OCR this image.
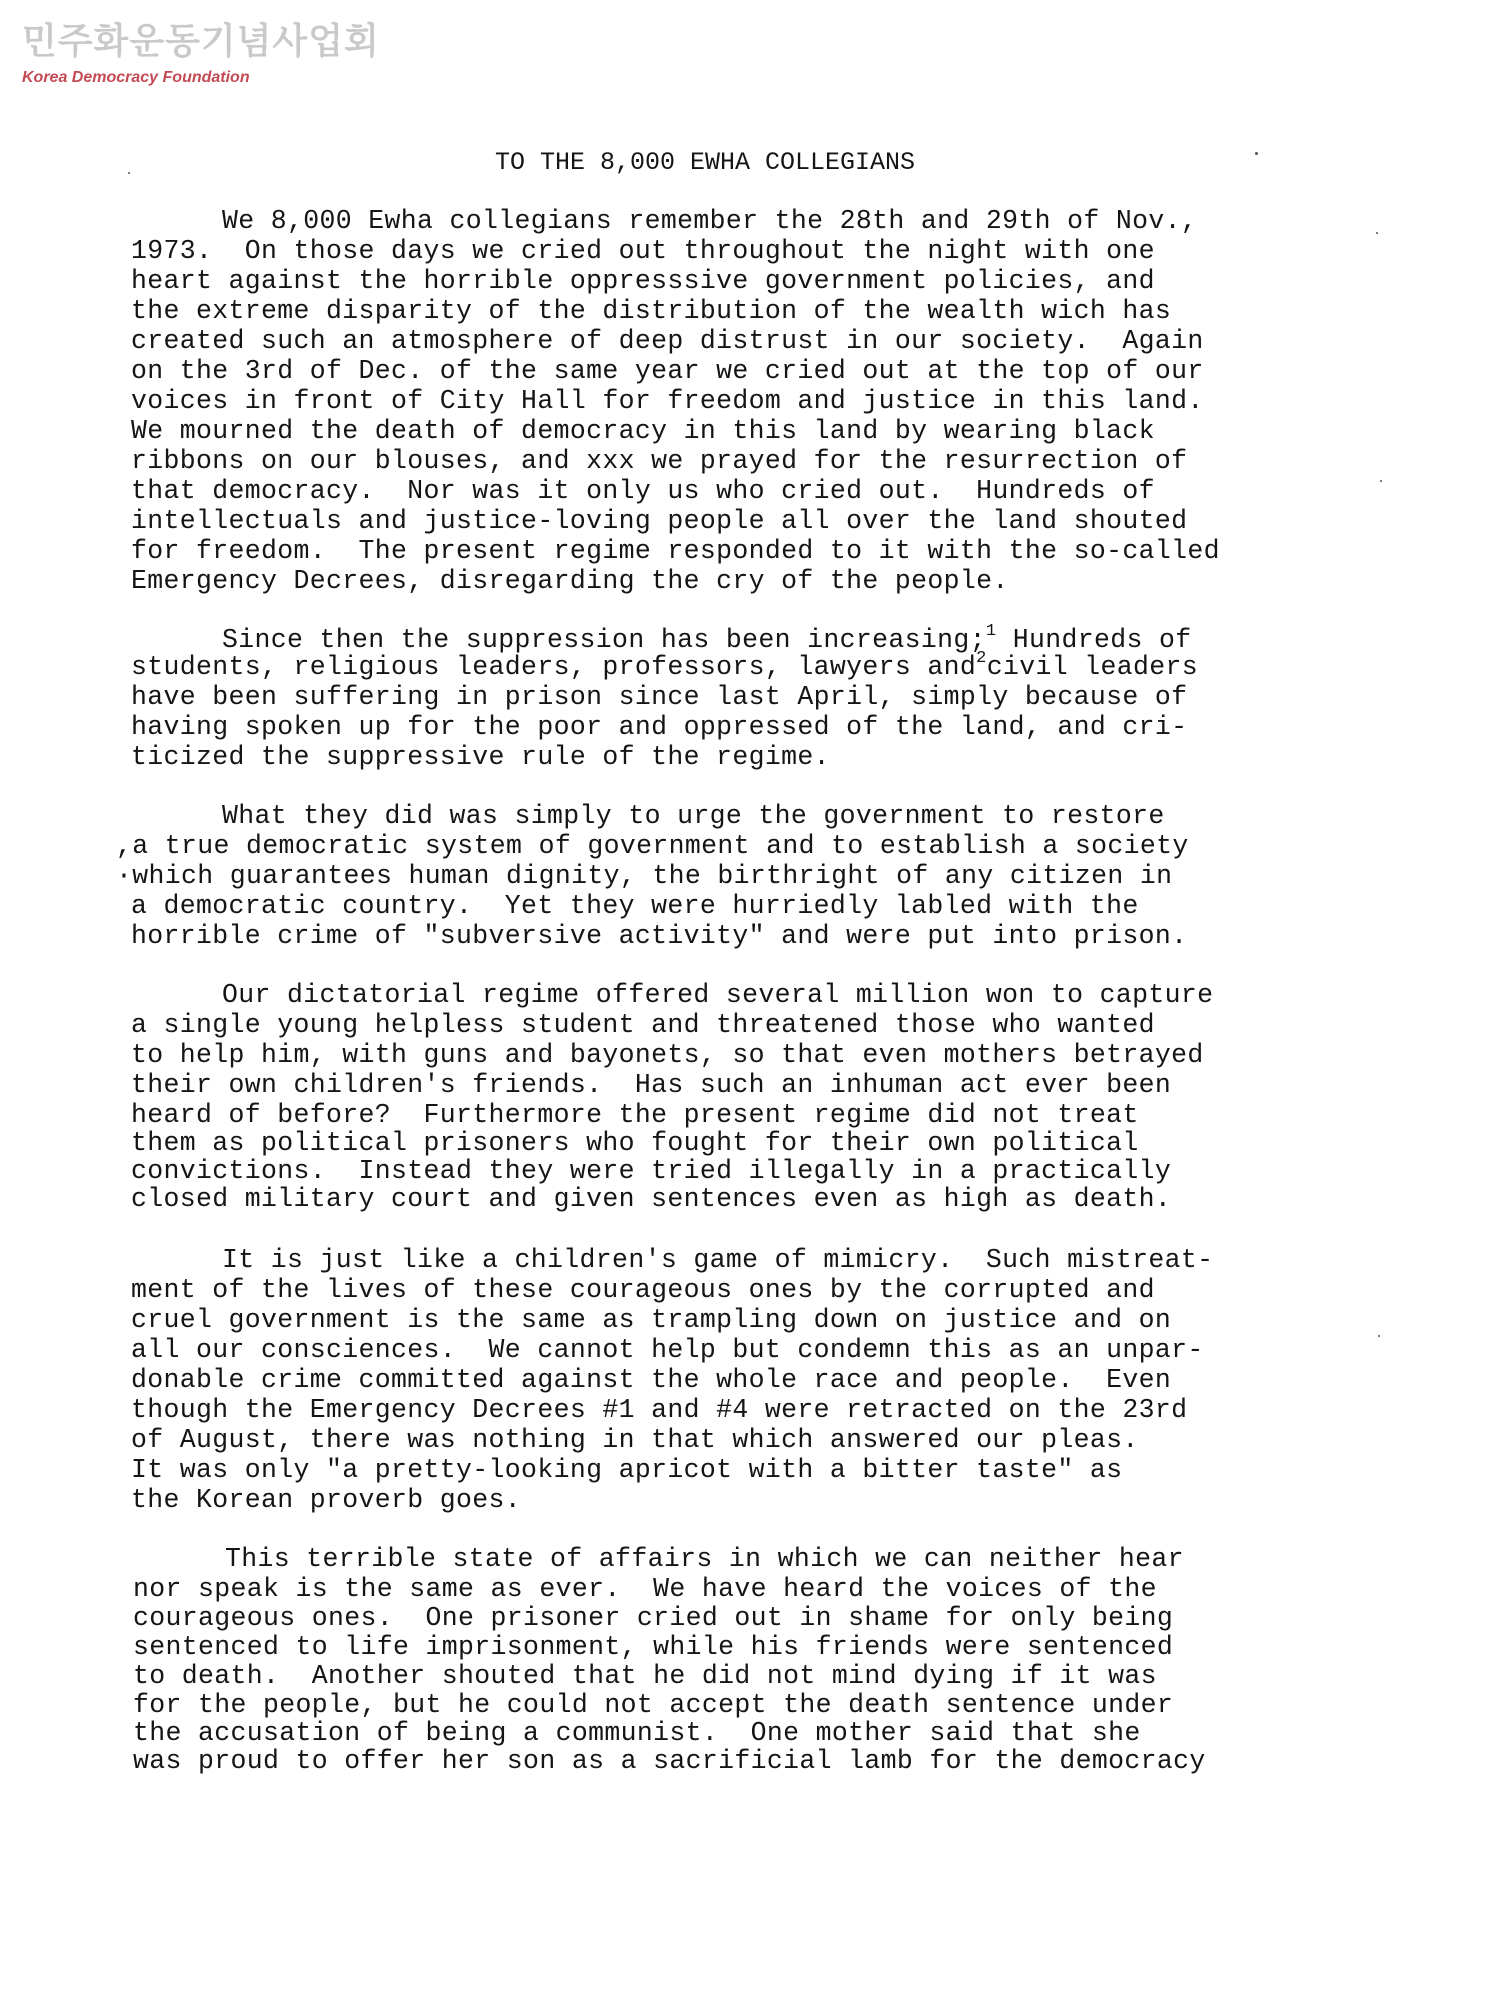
민주화운동기념사업회
Korea Democracy Foundation
TO THE 8,000 EWHA COLLEGIANS
We 8,000 Ewha collegians remember the 28th and 29th of Nov.,
1973.  On those days we cried out throughout the night with one
heart against the horrible oppresssive government policies, and
the extreme disparity of the distribution of the wealth wich has
created such an atmosphere of deep distrust in our society.  Again
on the 3rd of Dec. of the same year we cried out at the top of our
voices in front of City Hall for freedom and justice in this land.
We mourned the death of democracy in this land by wearing black
ribbons on our blouses, and xxx we prayed for the resurrection of
that democracy.  Nor was it only us who cried out.  Hundreds of
intellectuals and justice-loving people all over the land shouted
for freedom.  The present regime responded to it with the so-called
Emergency Decrees, disregarding the cry of the people.
Since then the suppression has been increasing;$^1$ Hundreds of
students, religious leaders, professors, lawyers and$^2$civil leaders
have been suffering in prison since last April, simply because of
having spoken up for the poor and oppressed of the land, and cri-
ticized the suppressive rule of the regime.
What they did was simply to urge the government to restore
,a true democratic system of government and to establish a society
·which guarantees human dignity, the birthright of any citizen in
a democratic country.  Yet they were hurriedly labled with the
horrible crime of "subversive activity" and were put into prison.
Our dictatorial regime offered several million won to capture
a single young helpless student and threatened those who wanted
to help him, with guns and bayonets, so that even mothers betrayed
their own children's friends.  Has such an inhuman act ever been
heard of before?  Furthermore the present regime did not treat
them as political prisoners who fought for their own political
convictions.  Instead they were tried illegally in a practically
closed military court and given sentences even as high as death.
It is just like a children's game of mimicry.  Such mistreat-
ment of the lives of these courageous ones by the corrupted and
cruel government is the same as trampling down on justice and on
all our consciences.  We cannot help but condemn this as an unpar-
donable crime committed against the whole race and people.  Even
though the Emergency Decrees #1 and #4 were retracted on the 23rd
of August, there was nothing in that which answered our pleas.
It was only "a pretty-looking apricot with a bitter taste" as
the Korean proverb goes.
This terrible state of affairs in which we can neither hear
nor speak is the same as ever.  We have heard the voices of the
courageous ones.  One prisoner cried out in shame for only being
sentenced to life imprisonment, while his friends were sentenced
to death.  Another shouted that he did not mind dying if it was
for the people, but he could not accept the death sentence under
the accusation of being a communist.  One mother said that she
was proud to offer her son as a sacrificial lamb for the democracy
